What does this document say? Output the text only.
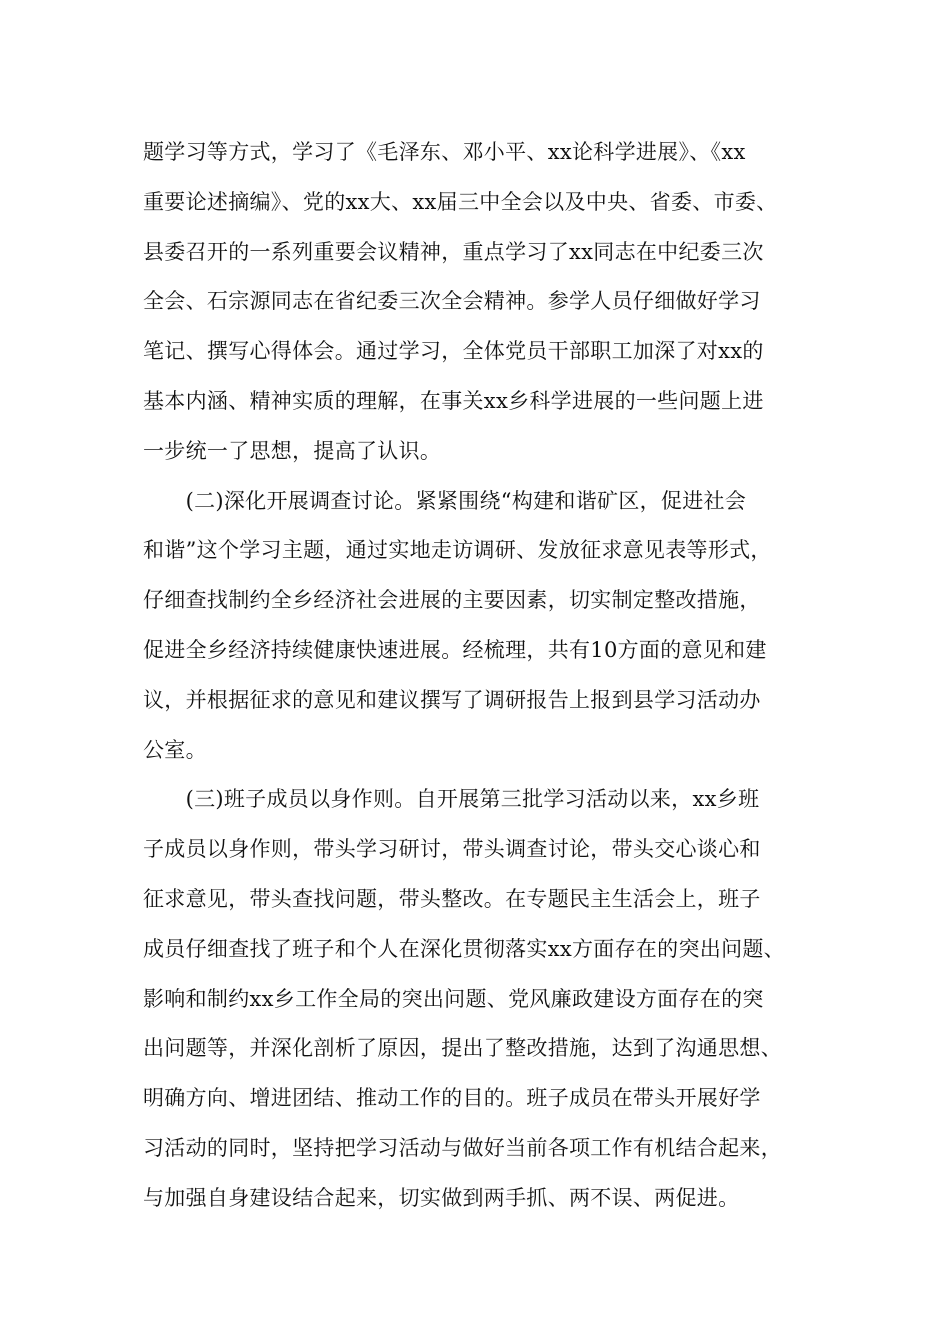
题学习等方式，学习了《毛泽东、邓小平、xx论科学进展》、《xx
重要论述摘编》、党的xx大、xx届三中全会以及中央、省委、市委、
县委召开的一系列重要会议精神，重点学习了xx同志在中纪委三次
全会、石宗源同志在省纪委三次全会精神。参学人员仔细做好学习
笔记、撰写心得体会。通过学习，全体党员干部职工加深了对xx的
基本内涵、精神实质的理解，在事关xx乡科学进展的一些问题上进
一步统一了思想，提高了认识。
　　(二)深化开展调查讨论。紧紧围绕“构建和谐矿区，促进社会
和谐”这个学习主题，通过实地走访调研、发放征求意见表等形式，
仔细查找制约全乡经济社会进展的主要因素，切实制定整改措施，
促进全乡经济持续健康快速进展。经梳理，共有10方面的意见和建
议，并根据征求的意见和建议撰写了调研报告上报到县学习活动办
公室。
　　(三)班子成员以身作则。自开展第三批学习活动以来，xx乡班
子成员以身作则，带头学习研讨，带头调查讨论，带头交心谈心和
征求意见，带头查找问题，带头整改。在专题民主生活会上，班子
成员仔细查找了班子和个人在深化贯彻落实xx方面存在的突出问题、
影响和制约xx乡工作全局的突出问题、党风廉政建设方面存在的突
出问题等，并深化剖析了原因，提出了整改措施，达到了沟通思想、
明确方向、增进团结、推动工作的目的。班子成员在带头开展好学
习活动的同时，坚持把学习活动与做好当前各项工作有机结合起来，
与加强自身建设结合起来，切实做到两手抓、两不误、两促进。
